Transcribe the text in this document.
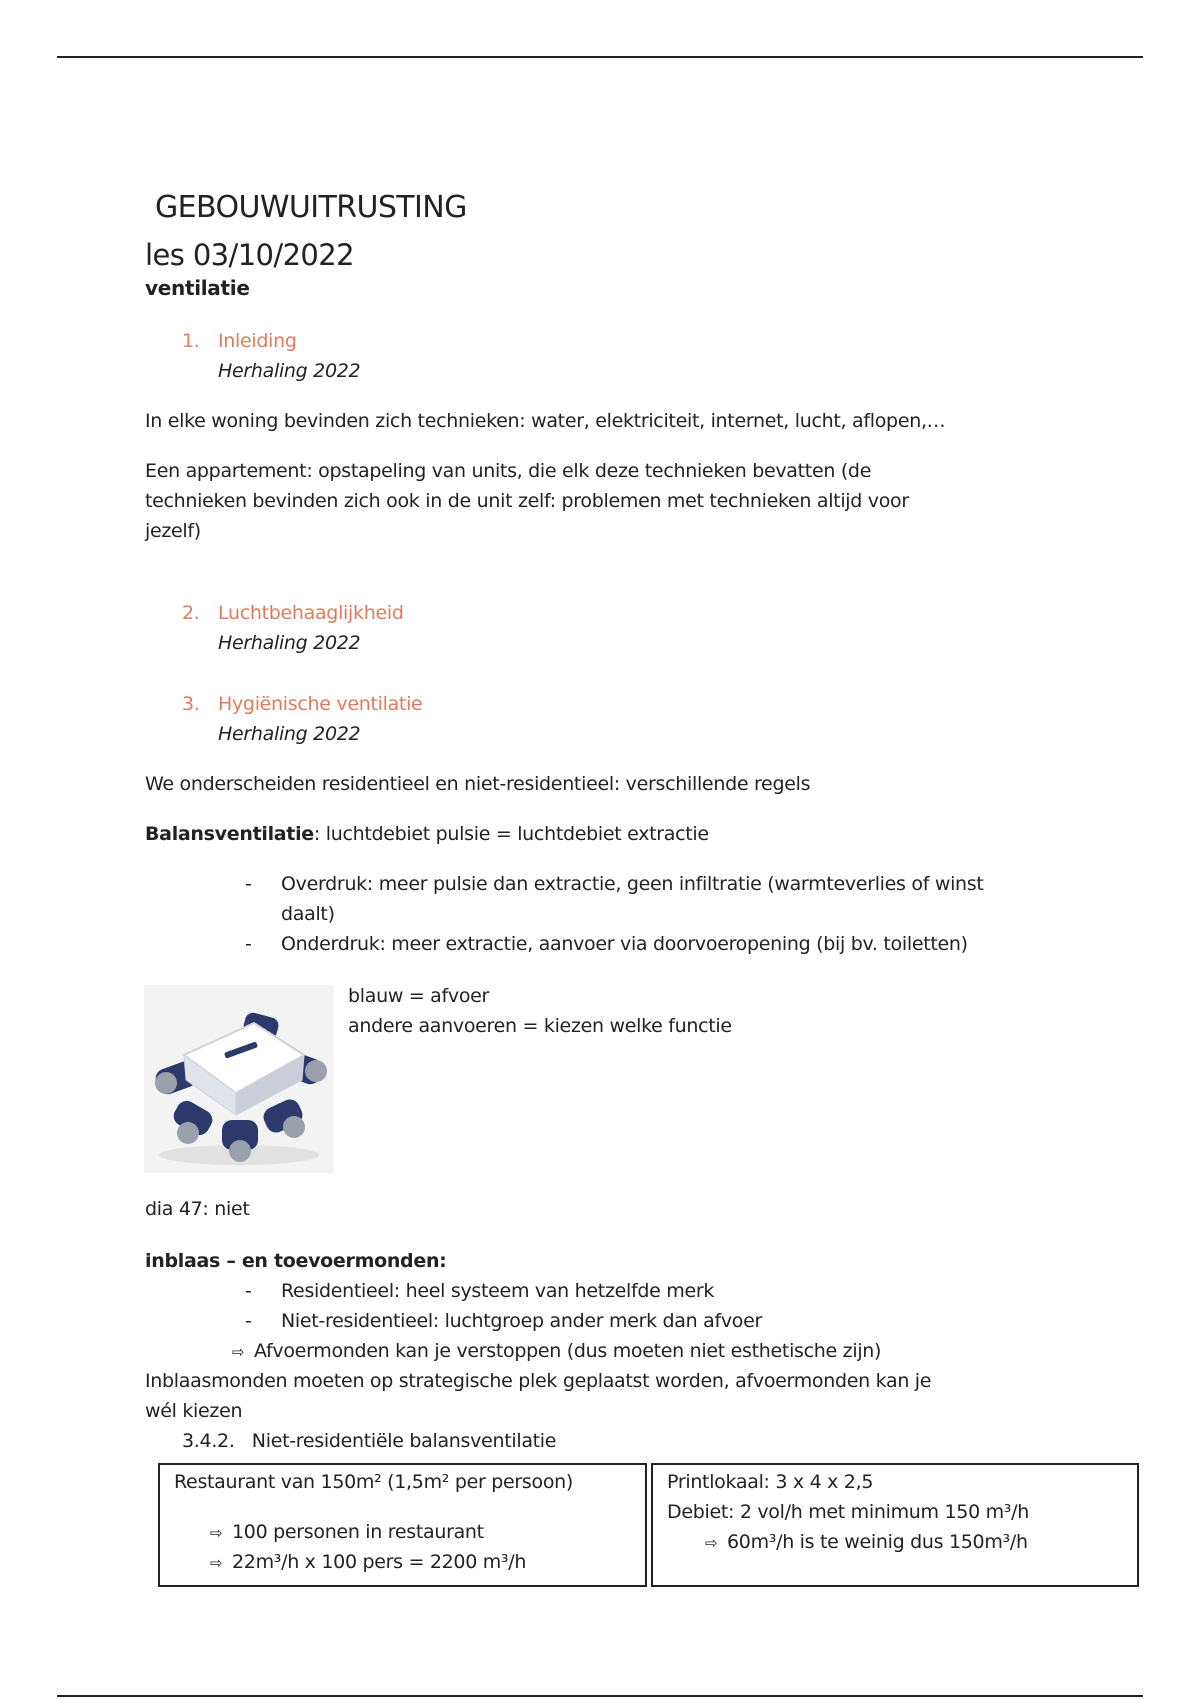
GEBOUWUITRUSTING
les 03/10/2022
ventilatie
1. Inleiding
Herhaling 2022
In elke woning bevinden zich technieken: water, elektriciteit, internet, lucht, aflopen,…
Een appartement: opstapeling van units, die elk deze technieken bevatten (de
technieken bevinden zich ook in de unit zelf: problemen met technieken altijd voor
jezelf)
2. Luchtbehaaglijkheid
Herhaling 2022
3. Hygiënische ventilatie
Herhaling 2022
We onderscheiden residentieel en niet-residentieel: verschillende regels
Balansventilatie: luchtdebiet pulsie = luchtdebiet extractie
- Overdruk: meer pulsie dan extractie, geen infiltratie (warmteverlies of winst
daalt)
- Onderdruk: meer extractie, aanvoer via doorvoeropening (bij bv. toiletten)
blauw = afvoer
andere aanvoeren = kiezen welke functie
dia 47: niet
inblaas – en toevoermonden:
- Residentieel: heel systeem van hetzelfde merk
- Niet-residentieel: luchtgroep ander merk dan afvoer
⇨ Afvoermonden kan je verstoppen (dus moeten niet esthetische zijn)
Inblaasmonden moeten op strategische plek geplaatst worden, afvoermonden kan je
wél kiezen
3.4.2.   Niet-residentiële balansventilatie
Restaurant van 150m² (1,5m² per persoon)
⇨ 100 personen in restaurant
⇨ 22m³/h x 100 pers = 2200 m³/h
Printlokaal: 3 x 4 x 2,5
Debiet: 2 vol/h met minimum 150 m³/h
⇨ 60m³/h is te weinig dus 150m³/h
